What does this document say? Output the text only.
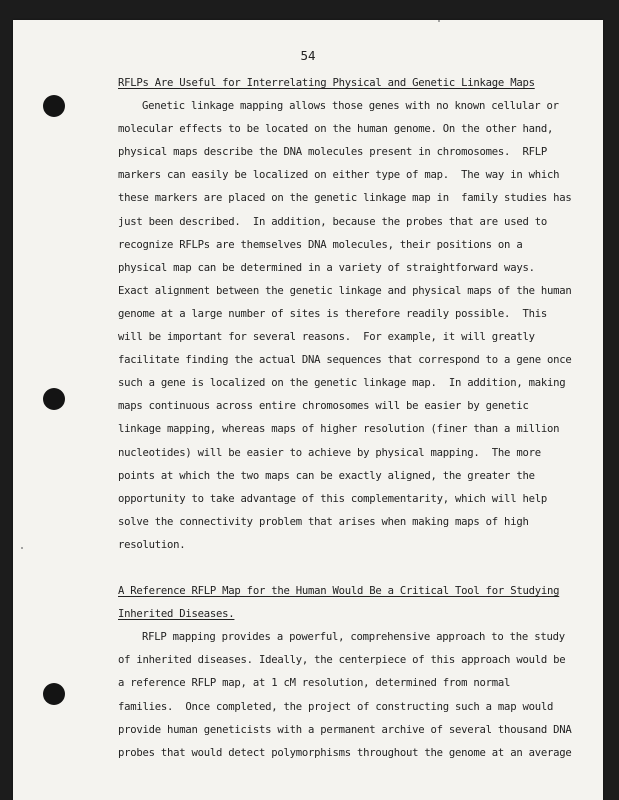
54
RFLPs Are Useful for Interrelating Physical and Genetic Linkage Maps
Genetic linkage mapping allows those genes with no known cellular or
molecular effects to be located on the human genome. On the other hand,
physical maps describe the DNA molecules present in chromosomes.  RFLP
markers can easily be localized on either type of map.  The way in which
these markers are placed on the genetic linkage map in  family studies has
just been described.  In addition, because the probes that are used to
recognize RFLPs are themselves DNA molecules, their positions on a
physical map can be determined in a variety of straightforward ways.
Exact alignment between the genetic linkage and physical maps of the human
genome at a large number of sites is therefore readily possible.  This
will be important for several reasons.  For example, it will greatly
facilitate finding the actual DNA sequences that correspond to a gene once
such a gene is localized on the genetic linkage map.  In addition, making
maps continuous across entire chromosomes will be easier by genetic
linkage mapping, whereas maps of higher resolution (finer than a million
nucleotides) will be easier to achieve by physical mapping.  The more
points at which the two maps can be exactly aligned, the greater the
opportunity to take advantage of this complementarity, which will help
solve the connectivity problem that arises when making maps of high
resolution.
A Reference RFLP Map for the Human Would Be a Critical Tool for Studying
Inherited Diseases.
RFLP mapping provides a powerful, comprehensive approach to the study
of inherited diseases. Ideally, the centerpiece of this approach would be
a reference RFLP map, at 1 cM resolution, determined from normal
families.  Once completed, the project of constructing such a map would
provide human geneticists with a permanent archive of several thousand DNA
probes that would detect polymorphisms throughout the genome at an average
